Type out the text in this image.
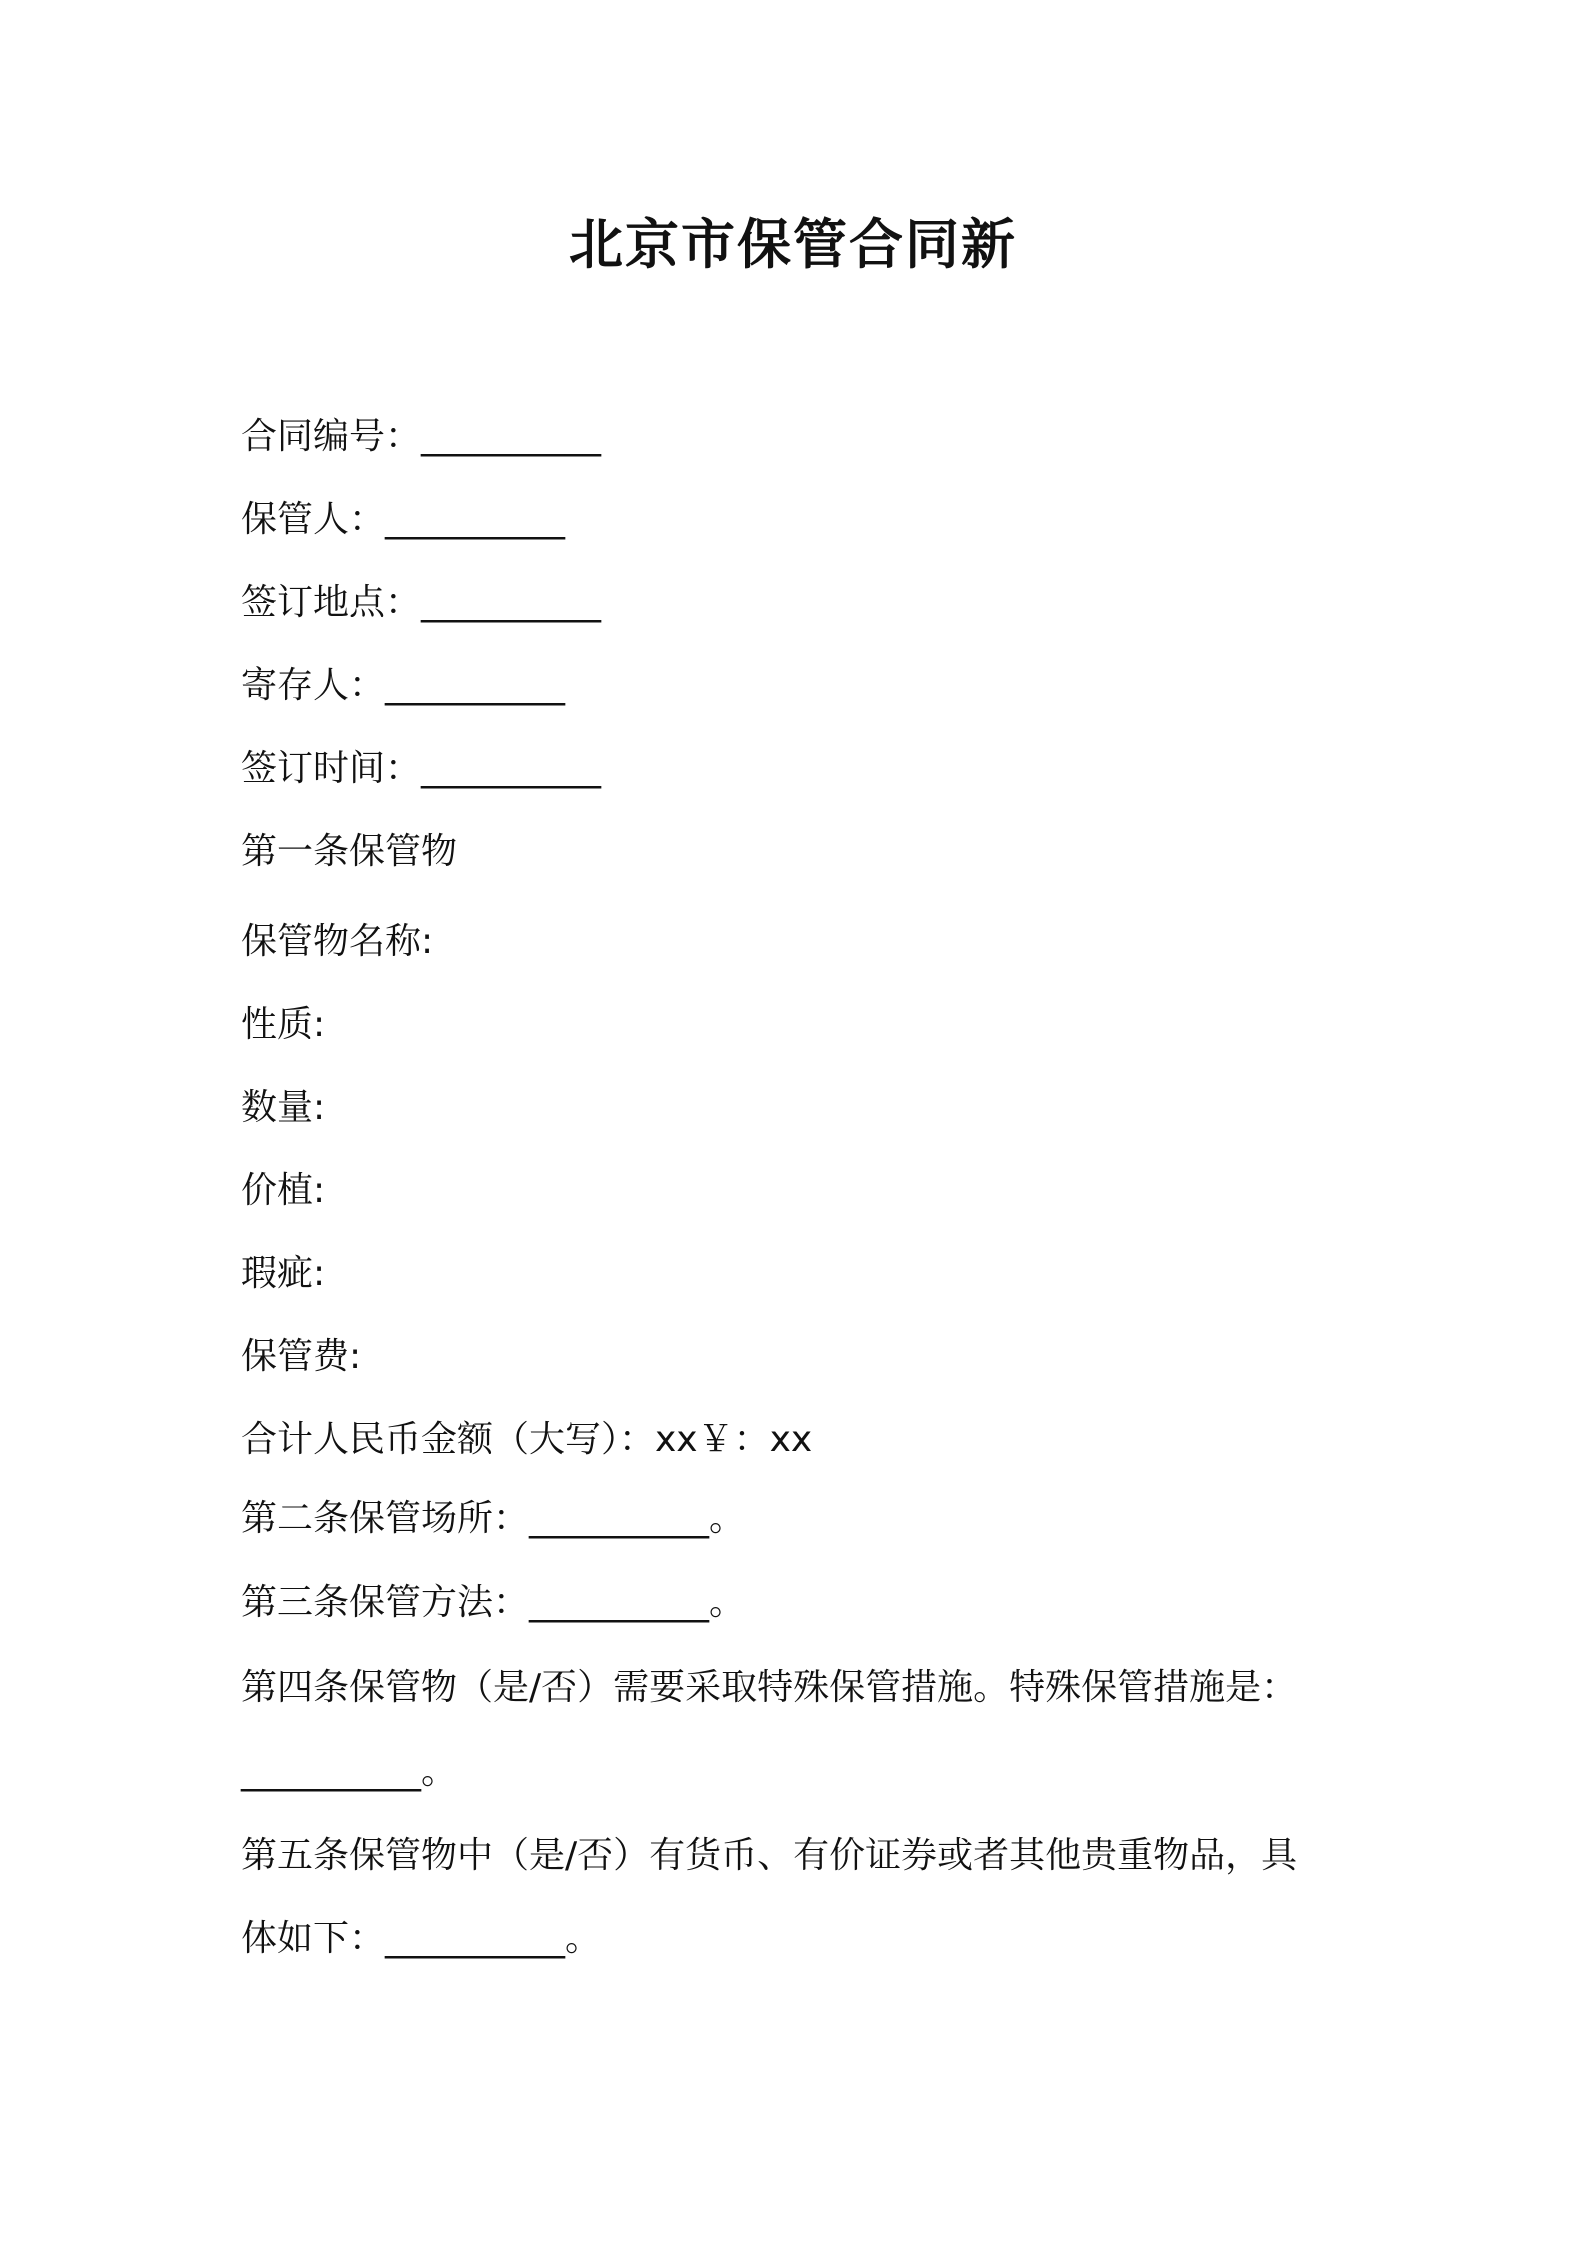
北京市保管合同新
合同编号：__________
保管人：__________
签订地点：__________
寄存人：__________
签订时间：__________
第一条保管物
保管物名称:
性质:
数量:
价植:
瑕疵:
保管费:
合计人民币金额（大写）：xx￥：xx
第二条保管场所：__________。
第三条保管方法：__________。
第四条保管物（是/否）需要采取特殊保管措施。特殊保管措施是：
__________。
第五条保管物中（是/否）有货币、有价证券或者其他贵重物品，具
体如下：__________。
